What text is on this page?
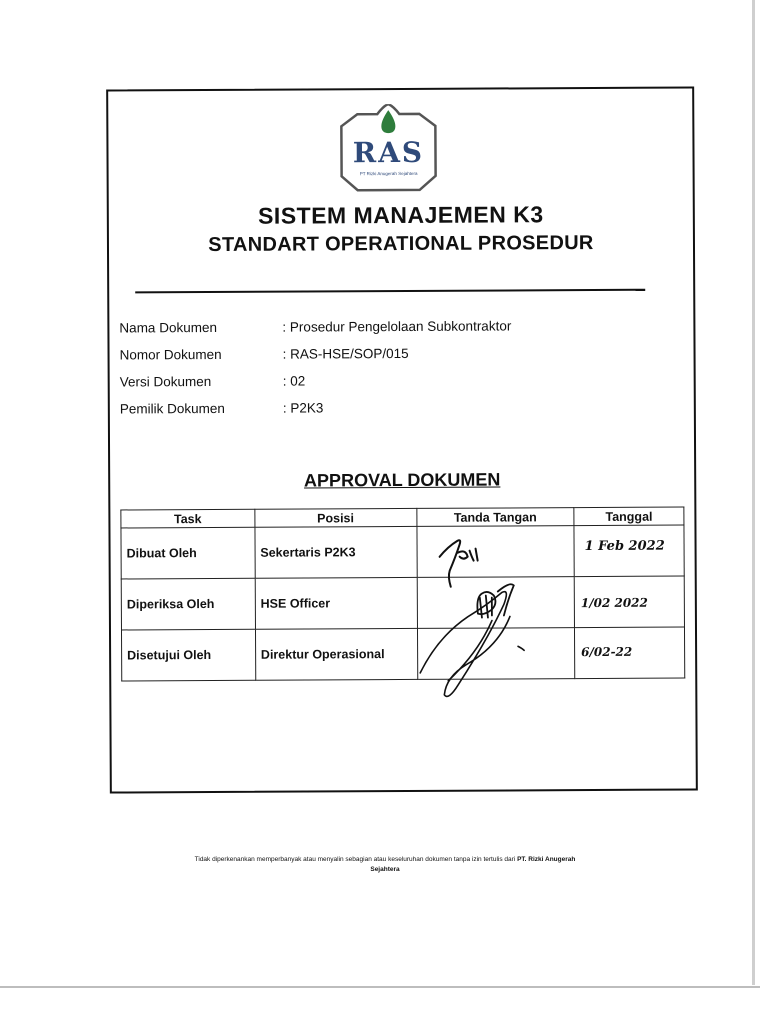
RAS
PT Rizki Anugerah Sejahtera
SISTEM MANAJEMEN K3
STANDART OPERATIONAL PROSEDUR
Nama Dokumen	: Prosedur Pengelolaan Subkontraktor
Nomor Dokumen	: RAS-HSE/SOP/015
Versi Dokumen	: 02
Pemilik Dokumen	: P2K3
APPROVAL DOKUMEN
Task	Posisi	Tanda Tangan	Tanggal
Dibuat Oleh	Sekertaris P2K3		1 Feb 2022

Diperiksa Oleh	HSE Officer		1/02 2022

Disetujui Oleh	Direktur Operasional		6/02-22
Tidak diperkenankan memperbanyak atau menyalin sebagian atau keseluruhan dokumen tanpa izin tertulis dari PT. Rizki Anugerah
Sejahtera
